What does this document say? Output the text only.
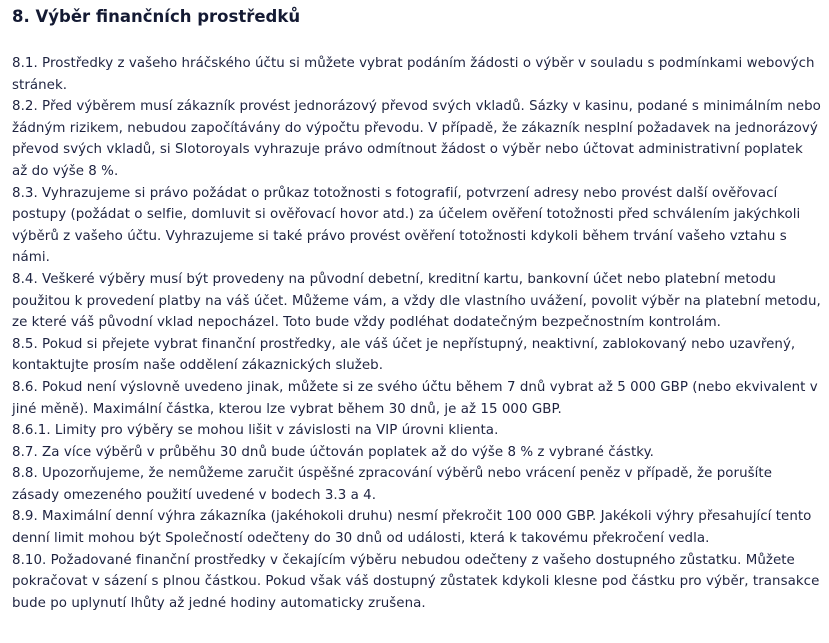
8. Výběr finančních prostředků

8.1. Prostředky z vašeho hráčského účtu si můžete vybrat podáním žádosti o výběr v souladu s podmínkami webových stránek.

8.2. Před výběrem musí zákazník provést jednorázový převod svých vkladů. Sázky v kasinu, podané s minimálním nebo žádným rizikem, nebudou započítávány do výpočtu převodu. V případě, že zákazník nesplní požadavek na jednorázový převod svých vkladů, si Slotoroyals vyhrazuje právo odmítnout žádost o výběr nebo účtovat administrativní poplatek až do výše 8 %.

8.3. Vyhrazujeme si právo požádat o průkaz totožnosti s fotografií, potvrzení adresy nebo provést další ověřovací postupy (požádat o selfie, domluvit si ověřovací hovor atd.) za účelem ověření totožnosti před schválením jakýchkoli výběrů z vašeho účtu. Vyhrazujeme si také právo provést ověření totožnosti kdykoli během trvání vašeho vztahu s námi.

8.4. Veškeré výběry musí být provedeny na původní debetní, kreditní kartu, bankovní účet nebo platební metodu použitou k provedení platby na váš účet. Můžeme vám, a vždy dle vlastního uvážení, povolit výběr na platební metodu, ze které váš původní vklad nepocházel. Toto bude vždy podléhat dodatečným bezpečnostním kontrolám.

8.5. Pokud si přejete vybrat finanční prostředky, ale váš účet je nepřístupný, neaktivní, zablokovaný nebo uzavřený, kontaktujte prosím naše oddělení zákaznických služeb.

8.6. Pokud není výslovně uvedeno jinak, můžete si ze svého účtu během 7 dnů vybrat až 5 000 GBP (nebo ekvivalent v jiné měně). Maximální částka, kterou lze vybrat během 30 dnů, je až 15 000 GBP.

8.6.1. Limity pro výběry se mohou lišit v závislosti na VIP úrovni klienta.

8.7. Za více výběrů v průběhu 30 dnů bude účtován poplatek až do výše 8 % z vybrané částky.

8.8. Upozorňujeme, že nemůžeme zaručit úspěšné zpracování výběrů nebo vrácení peněz v případě, že porušíte zásady omezeného použití uvedené v bodech 3.3 a 4.

8.9. Maximální denní výhra zákazníka (jakéhokoli druhu) nesmí překročit 100 000 GBP. Jakékoli výhry přesahující tento denní limit mohou být Společností odečteny do 30 dnů od události, která k takovému překročení vedla.

8.10. Požadované finanční prostředky v čekajícím výběru nebudou odečteny z vašeho dostupného zůstatku. Můžete pokračovat v sázení s plnou částkou. Pokud však váš dostupný zůstatek kdykoli klesne pod částku pro výběr, transakce bude po uplynutí lhůty až jedné hodiny automaticky zrušena.
